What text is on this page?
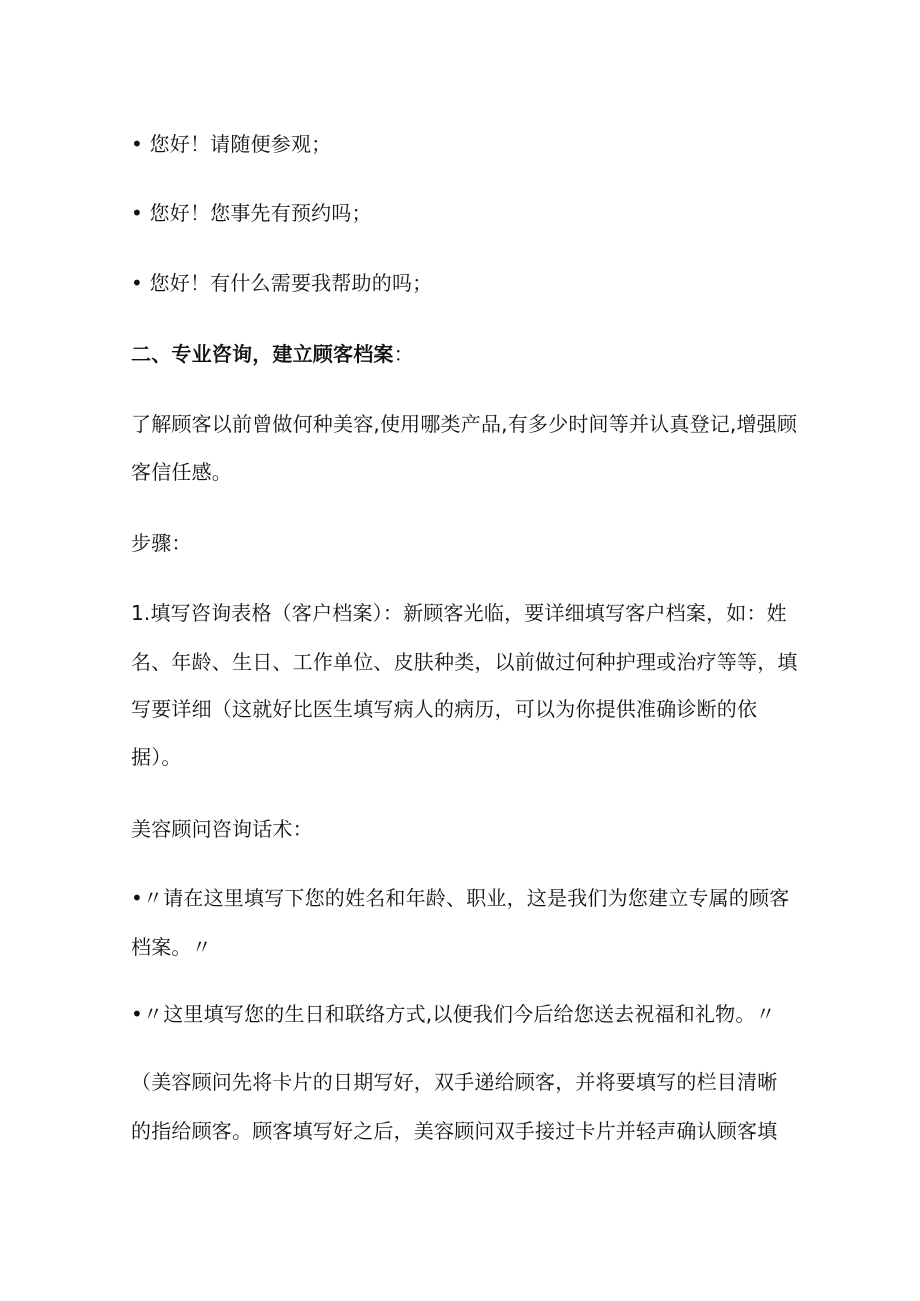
• 您好！请随便参观；
• 您好！您事先有预约吗；
• 您好！有什么需要我帮助的吗；
二、专业咨询，建立顾客档案：
了解顾客以前曾做何种美容,使用哪类产品,有多少时间等并认真登记,增强顾
客信任感。
步骤：
1.填写咨询表格（客户档案）：新顾客光临，要详细填写客户档案，如：姓
名、年龄、生日、工作单位、皮肤种类，以前做过何种护理或治疗等等，填
写要详细（这就好比医生填写病人的病历，可以为你提供准确诊断的依
据）。
美容顾问咨询话术：
•〃请在这里填写下您的姓名和年龄、职业，这是我们为您建立专属的顾客
档案。〃
•〃这里填写您的生日和联络方式,以便我们今后给您送去祝福和礼物。〃
（美容顾问先将卡片的日期写好，双手递给顾客，并将要填写的栏目清晰
的指给顾客。顾客填写好之后，美容顾问双手接过卡片并轻声确认顾客填
